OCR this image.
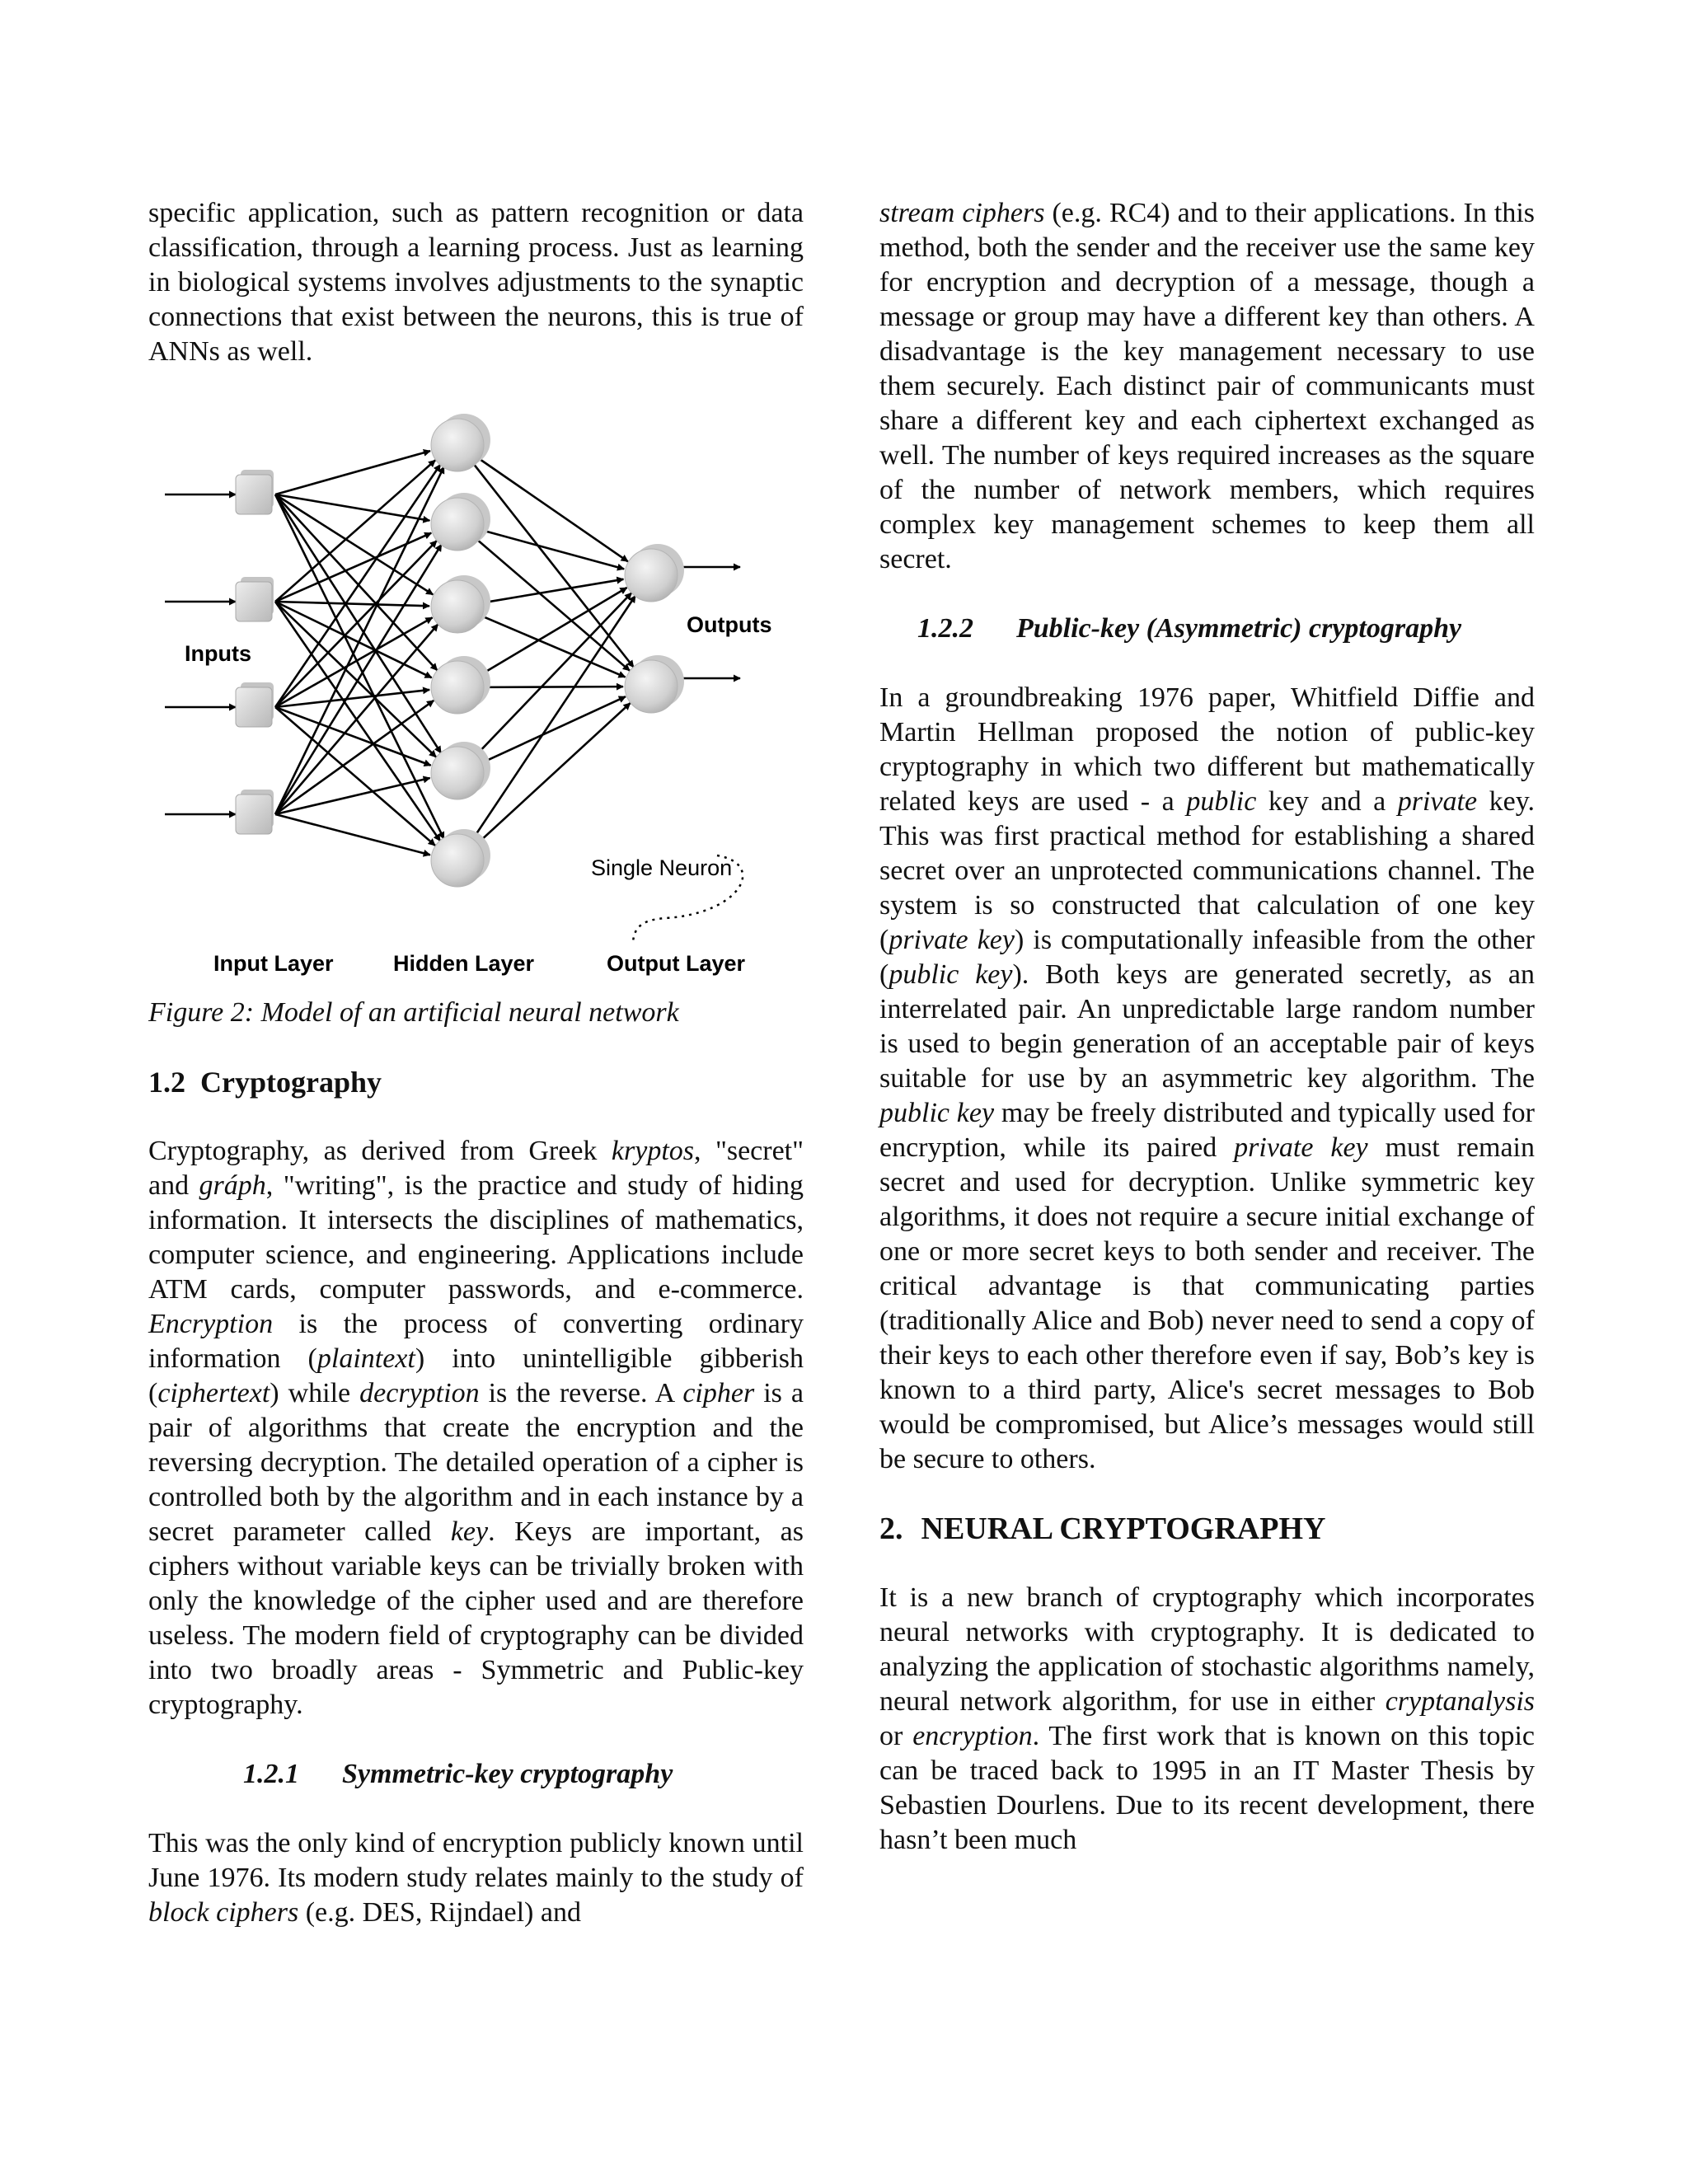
specific application, such as pattern recognition or data classification, through a learning process. Just as learning in biological systems involves adjustments to the synaptic connections that exist between the neurons, this is true of ANNs as well.

Inputs
Outputs
Single Neuron
Input Layer	Hidden Layer	Output Layer

Figure 2: Model of an artificial neural network

1.2 Cryptography

Cryptography, as derived from Greek kryptos, "secret" and gráph, "writing", is the practice and study of hiding information. It intersects the disciplines of mathematics, computer science, and engineering. Applications include ATM cards, computer passwords, and e-commerce. Encryption is the process of converting ordinary information (plaintext) into unintelligible gibberish (ciphertext) while decryption is the reverse. A cipher is a pair of algorithms that create the encryption and the reversing decryption. The detailed operation of a cipher is controlled both by the algorithm and in each instance by a secret parameter called key. Keys are important, as ciphers without variable keys can be trivially broken with only the knowledge of the cipher used and are therefore useless. The modern field of cryptography can be divided into two broadly areas - Symmetric and Public-key cryptography.

1.2.1 Symmetric-key cryptography

This was the only kind of encryption publicly known until June 1976. Its modern study relates mainly to the study of block ciphers (e.g. DES, Rijndael) and

stream ciphers (e.g. RC4) and to their applications. In this method, both the sender and the receiver use the same key for encryption and decryption of a message, though a message or group may have a different key than others. A disadvantage is the key management necessary to use them securely. Each distinct pair of communicants must share a different key and each ciphertext exchanged as well. The number of keys required increases as the square of the number of network members, which requires complex key management schemes to keep them all secret.

1.2.2 Public-key (Asymmetric) cryptography

In a groundbreaking 1976 paper, Whitfield Diffie and Martin Hellman proposed the notion of public-key cryptography in which two different but mathematically related keys are used - a public key and a private key. This was first practical method for establishing a shared secret over an unprotected communications channel. The system is so constructed that calculation of one key (private key) is computationally infeasible from the other (public key). Both keys are generated secretly, as an interrelated pair. An unpredictable large random number is used to begin generation of an acceptable pair of keys suitable for use by an asymmetric key algorithm. The public key may be freely distributed and typically used for encryption, while its paired private key must remain secret and used for decryption. Unlike symmetric key algorithms, it does not require a secure initial exchange of one or more secret keys to both sender and receiver. The critical advantage is that communicating parties (traditionally Alice and Bob) never need to send a copy of their keys to each other therefore even if say, Bob’s key is known to a third party, Alice's secret messages to Bob would be compromised, but Alice’s messages would still be secure to others.

2. NEURAL CRYPTOGRAPHY

It is a new branch of cryptography which incorporates neural networks with cryptography. It is dedicated to analyzing the application of stochastic algorithms namely, neural network algorithm, for use in either cryptanalysis or encryption. The first work that is known on this topic can be traced back to 1995 in an IT Master Thesis by Sebastien Dourlens. Due to its recent development, there hasn’t been much
